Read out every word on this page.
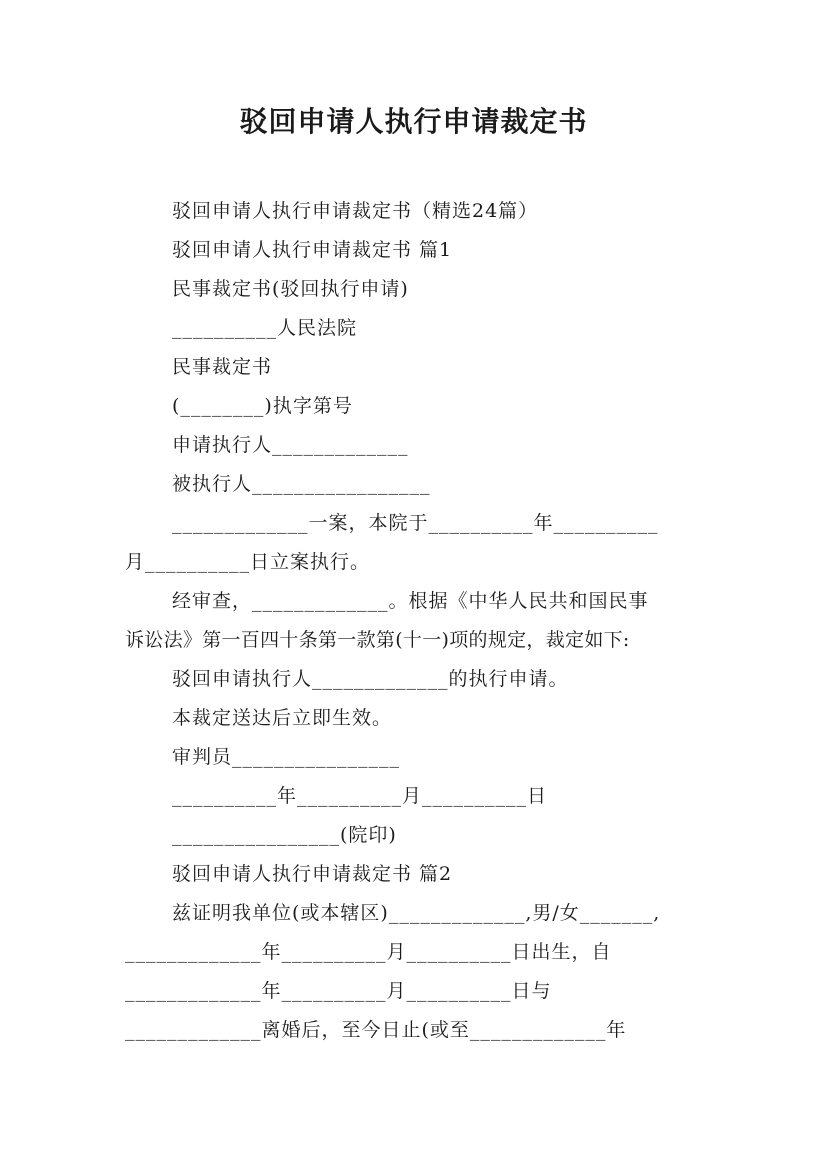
驳回申请人执行申请裁定书
驳回申请人执行申请裁定书（精选24篇）
驳回申请人执行申请裁定书 篇1
民事裁定书(驳回执行申请)
__________人民法院
民事裁定书
(________)执字第号
申请执行人_____________
被执行人_________________
_____________一案，本院于__________年__________
月__________日立案执行。
经审查，_____________。根据《中华人民共和国民事
诉讼法》第一百四十条第一款第(十一)项的规定，裁定如下:
驳回申请执行人_____________的执行申请。
本裁定送达后立即生效。
审判员________________
__________年__________月__________日
________________(院印)
驳回申请人执行申请裁定书 篇2
兹证明我单位(或本辖区)_____________,男/女_______,
_____________年__________月__________日出生，自
_____________年__________月__________日与
_____________离婚后，至今日止(或至_____________年
